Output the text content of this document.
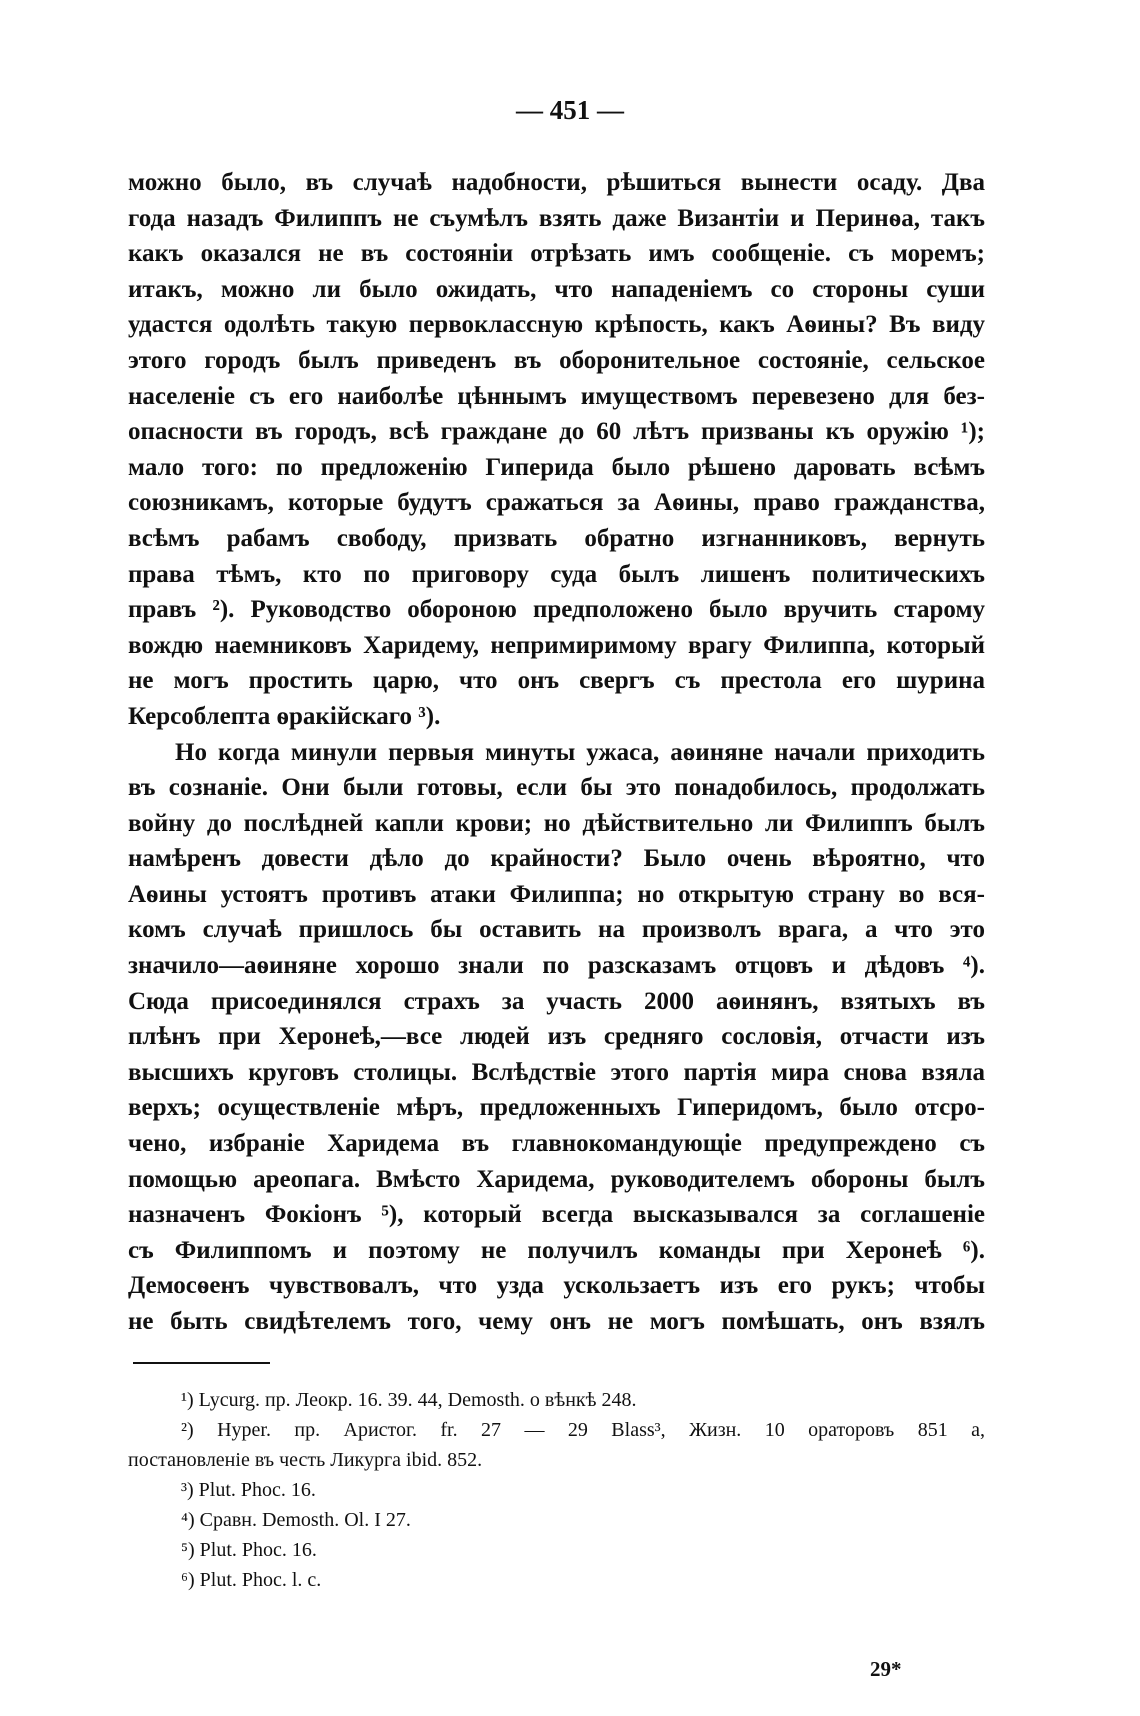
— 451 —
можно было, въ случаѣ надобности, рѣшиться вынести осаду. Два
года назадъ Филиппъ не съумѣлъ взять даже Византіи и Перинѳа, такъ
какъ оказался не въ состояніи отрѣзать имъ сообщеніе. съ моремъ;
итакъ, можно ли было ожидать, что нападеніемъ со стороны суши
удастся одолѣть такую первоклассную крѣпость, какъ Аѳины? Въ виду
этого городъ былъ приведенъ въ оборонительное состояніе, сельское
населеніе съ его наиболѣе цѣннымъ имуществомъ перевезено для без-
опасности въ городъ, всѣ граждане до 60 лѣтъ призваны къ оружію ¹);
мало того: по предложенію Гиперида было рѣшено даровать всѣмъ
союзникамъ, которые будутъ сражаться за Аѳины, право гражданства,
всѣмъ рабамъ свободу, призвать обратно изгнанниковъ, вернуть
права тѣмъ, кто по приговору суда былъ лишенъ политическихъ
правъ ²). Руководство обороною предположено было вручить старому
вождю наемниковъ Харидему, непримиримому врагу Филиппа, который
не могъ простить царю, что онъ свергъ съ престола его шурина
Керсоблепта ѳракійскаго ³).
Но когда минули первыя минуты ужаса, аѳиняне начали приходить
въ сознаніе. Они были готовы, если бы это понадобилось, продолжать
войну до послѣдней капли крови; но дѣйствительно ли Филиппъ былъ
намѣренъ довести дѣло до крайности? Было очень вѣроятно, что
Аѳины устоятъ противъ атаки Филиппа; но открытую страну во вся-
комъ случаѣ пришлось бы оставить на произволъ врага, а что это
значило—аѳиняне хорошо знали по разсказамъ отцовъ и дѣдовъ ⁴).
Сюда присоединялся страхъ за участь 2000 аѳинянъ, взятыхъ въ
плѣнъ при Херонеѣ,—все людей изъ средняго сословія, отчасти изъ
высшихъ круговъ столицы. Вслѣдствіе этого партія мира снова взяла
верхъ; осуществленіе мѣръ, предложенныхъ Гиперидомъ, было отсро-
чено, избраніе Харидема въ главнокомандующіе предупреждено съ
помощью ареопага. Вмѣсто Харидема, руководителемъ обороны былъ
назначенъ Фокіонъ ⁵), который всегда высказывался за соглашеніе
съ Филиппомъ и поэтому не получилъ команды при Херонеѣ ⁶).
Демосѳенъ чувствовалъ, что узда ускользаетъ изъ его рукъ; чтобы
не быть свидѣтелемъ того, чему онъ не могъ помѣшать, онъ взялъ
¹) Lycurg. пр. Леокр. 16. 39. 44, Demosth. о вѣнкѣ 248.
²) Hyper. пр. Аристог. fr. 27 — 29 Blass³, Жизн. 10 ораторовъ 851 a,
постановленіе въ честь Ликурга ibid. 852.
³) Plut. Phoc. 16.
⁴) Сравн. Demosth. Ol. I 27.
⁵) Plut. Phoc. 16.
⁶) Plut. Phoc. l. c.
29*
